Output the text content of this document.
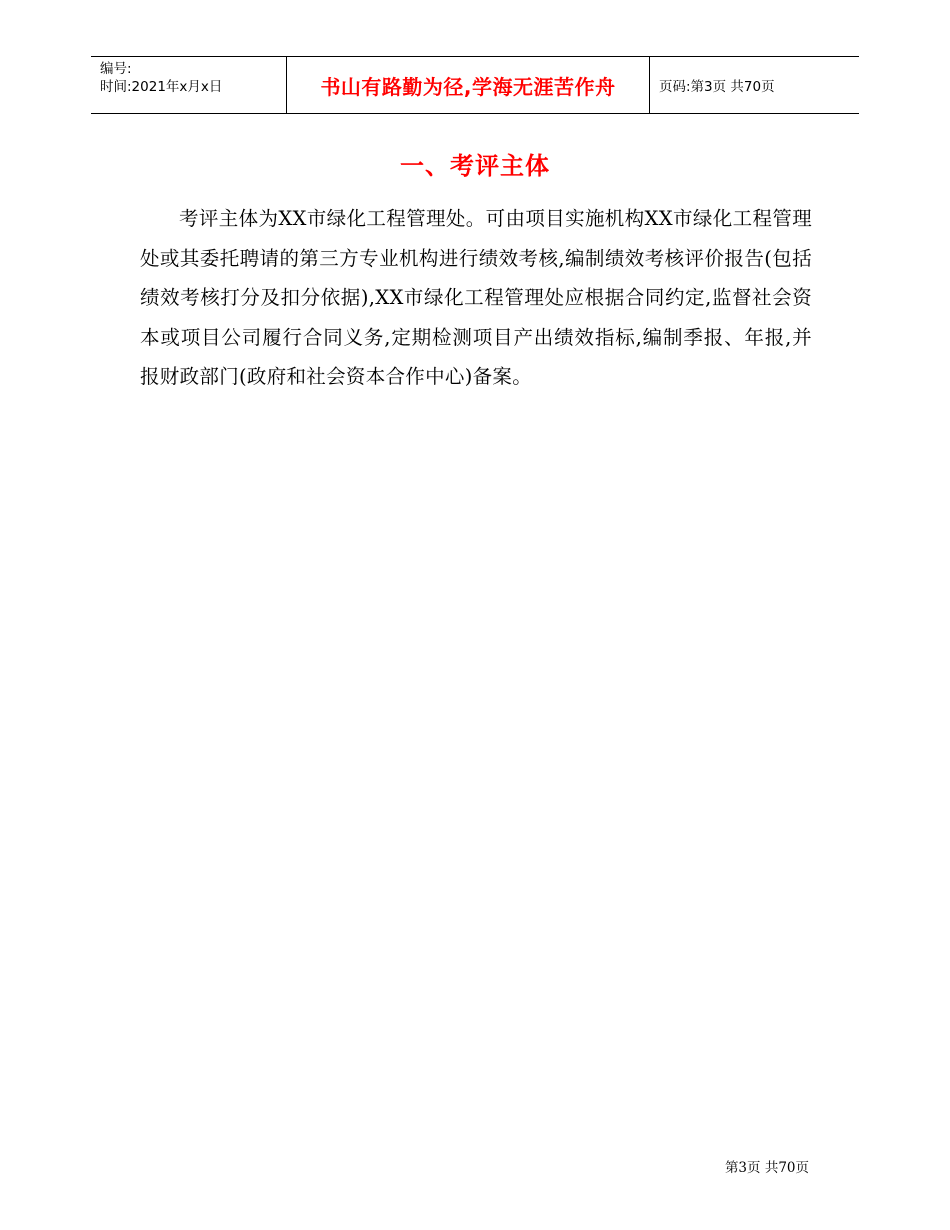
编号:
时间:2021年x月x日	书山有路勤为径,学海无涯苦作舟	页码:第3页 共70页
一、考评主体

考评主体为XX市绿化工程管理处。可由项目实施机构XX市绿化工程管理处或其委托聘请的第三方专业机构进行绩效考核,编制绩效考核评价报告(包括绩效考核打分及扣分依据),XX市绿化工程管理处应根据合同约定,监督社会资本或项目公司履行合同义务,定期检测项目产出绩效指标,编制季报、年报,并报财政部门(政府和社会资本合作中心)备案。

第3页 共70页
